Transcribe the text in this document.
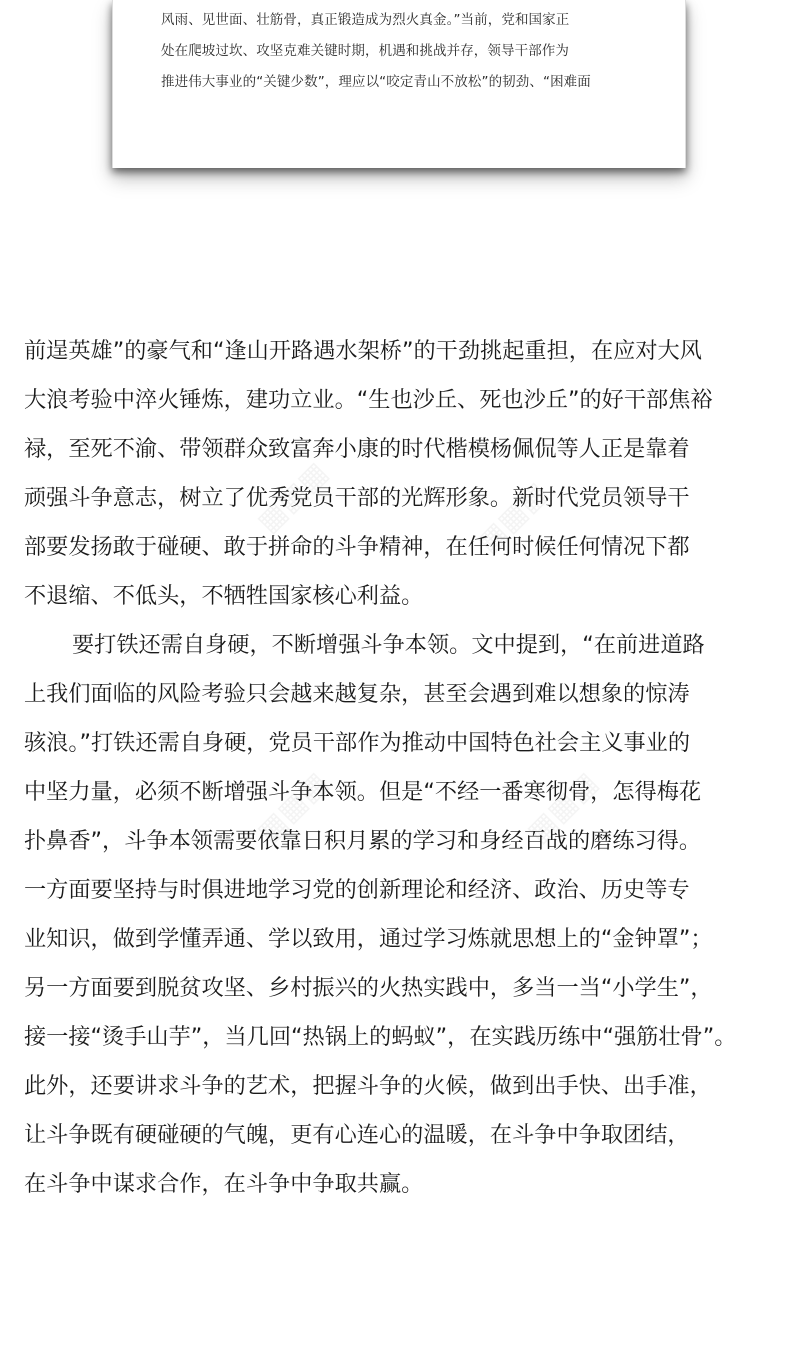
风雨、见世面、壮筋骨，真正锻造成为烈火真金。”当前，党和国家正
处在爬坡过坎、攻坚克难关键时期，机遇和挑战并存，领导干部作为
推进伟大事业的“关键少数”，理应以“咬定青山不放松”的韧劲、“困难面
前逞英雄”的豪气和“逢山开路遇水架桥”的干劲挑起重担，在应对大风
大浪考验中淬火锤炼，建功立业。“生也沙丘、死也沙丘”的好干部焦裕
禄，至死不渝、带领群众致富奔小康的时代楷模杨佩侃等人正是靠着
顽强斗争意志，树立了优秀党员干部的光辉形象。新时代党员领导干
部要发扬敢于碰硬、敢于拼命的斗争精神，在任何时候任何情况下都
不退缩、不低头，不牺牲国家核心利益。
要打铁还需自身硬，不断增强斗争本领。文中提到，“在前进道路
上我们面临的风险考验只会越来越复杂，甚至会遇到难以想象的惊涛
骇浪。”打铁还需自身硬，党员干部作为推动中国特色社会主义事业的
中坚力量，必须不断增强斗争本领。但是“不经一番寒彻骨，怎得梅花
扑鼻香”，斗争本领需要依靠日积月累的学习和身经百战的磨练习得。
一方面要坚持与时俱进地学习党的创新理论和经济、政治、历史等专
业知识，做到学懂弄通、学以致用，通过学习炼就思想上的“金钟罩”；
另一方面要到脱贫攻坚、乡村振兴的火热实践中，多当一当“小学生”，
接一接“烫手山芋”，当几回“热锅上的蚂蚁”，在实践历练中“强筋壮骨”。
此外，还要讲求斗争的艺术，把握斗争的火候，做到出手快、出手准，
让斗争既有硬碰硬的气魄，更有心连心的温暖，在斗争中争取团结，
在斗争中谋求合作，在斗争中争取共赢。
